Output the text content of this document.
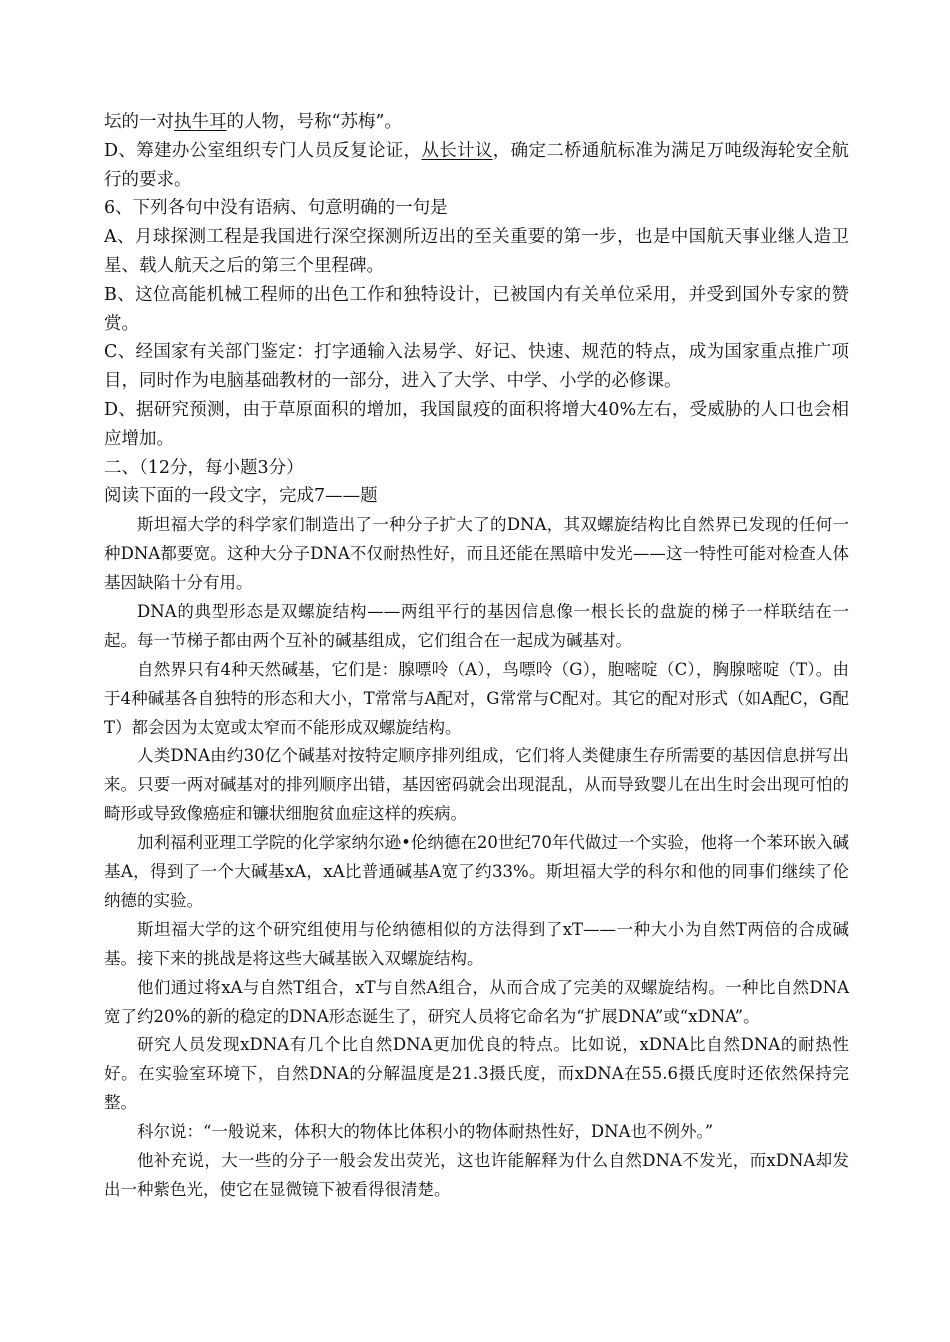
坛的一对执牛耳的人物，号称“苏梅”。

D、筹建办公室组织专门人员反复论证，从长计议，确定二桥通航标准为满足万吨级海轮安全航行的要求。

6、下列各句中没有语病、句意明确的一句是

A、月球探测工程是我国进行深空探测所迈出的至关重要的第一步，也是中国航天事业继人造卫星、载人航天之后的第三个里程碑。

B、这位高能机械工程师的出色工作和独特设计，已被国内有关单位采用，并受到国外专家的赞赏。

C、经国家有关部门鉴定：打字通输入法易学、好记、快速、规范的特点，成为国家重点推广项目，同时作为电脑基础教材的一部分，进入了大学、中学、小学的必修课。

D、据研究预测，由于草原面积的增加，我国鼠疫的面积将增大40%左右，受威胁的人口也会相应增加。

二、（12分，每小题3分）

阅读下面的一段文字，完成7——题

斯坦福大学的科学家们制造出了一种分子扩大了的DNA，其双螺旋结构比自然界已发现的任何一种DNA都要宽。这种大分子DNA不仅耐热性好，而且还能在黑暗中发光——这一特性可能对检查人体基因缺陷十分有用。

DNA的典型形态是双螺旋结构——两组平行的基因信息像一根长长的盘旋的梯子一样联结在一起。每一节梯子都由两个互补的碱基组成，它们组合在一起成为碱基对。

自然界只有4种天然碱基，它们是：腺嘌呤（A），鸟嘌呤（G），胞嘧啶（C），胸腺嘧啶（T）。由于4种碱基各自独特的形态和大小，T常常与A配对，G常常与C配对。其它的配对形式（如A配C，G配T）都会因为太宽或太窄而不能形成双螺旋结构。

人类DNA由约30亿个碱基对按特定顺序排列组成，它们将人类健康生存所需要的基因信息拼写出来。只要一两对碱基对的排列顺序出错，基因密码就会出现混乱，从而导致婴儿在出生时会出现可怕的畸形或导致像癌症和镰状细胞贫血症这样的疾病。

加利福利亚理工学院的化学家纳尔逊•伦纳德在20世纪70年代做过一个实验，他将一个苯环嵌入碱基A，得到了一个大碱基xA，xA比普通碱基A宽了约33%。斯坦福大学的科尔和他的同事们继续了伦纳德的实验。

斯坦福大学的这个研究组使用与伦纳德相似的方法得到了xT——一种大小为自然T两倍的合成碱基。接下来的挑战是将这些大碱基嵌入双螺旋结构。

他们通过将xA与自然T组合，xT与自然A组合，从而合成了完美的双螺旋结构。一种比自然DNA宽了约20%的新的稳定的DNA形态诞生了，研究人员将它命名为“扩展DNA”或“xDNA”。

研究人员发现xDNA有几个比自然DNA更加优良的特点。比如说，xDNA比自然DNA的耐热性好。在实验室环境下，自然DNA的分解温度是21.3摄氏度，而xDNA在55.6摄氏度时还依然保持完整。

科尔说：“一般说来，体积大的物体比体积小的物体耐热性好，DNA也不例外。”

他补充说，大一些的分子一般会发出荧光，这也许能解释为什么自然DNA不发光，而xDNA却发出一种紫色光，使它在显微镜下被看得很清楚。
